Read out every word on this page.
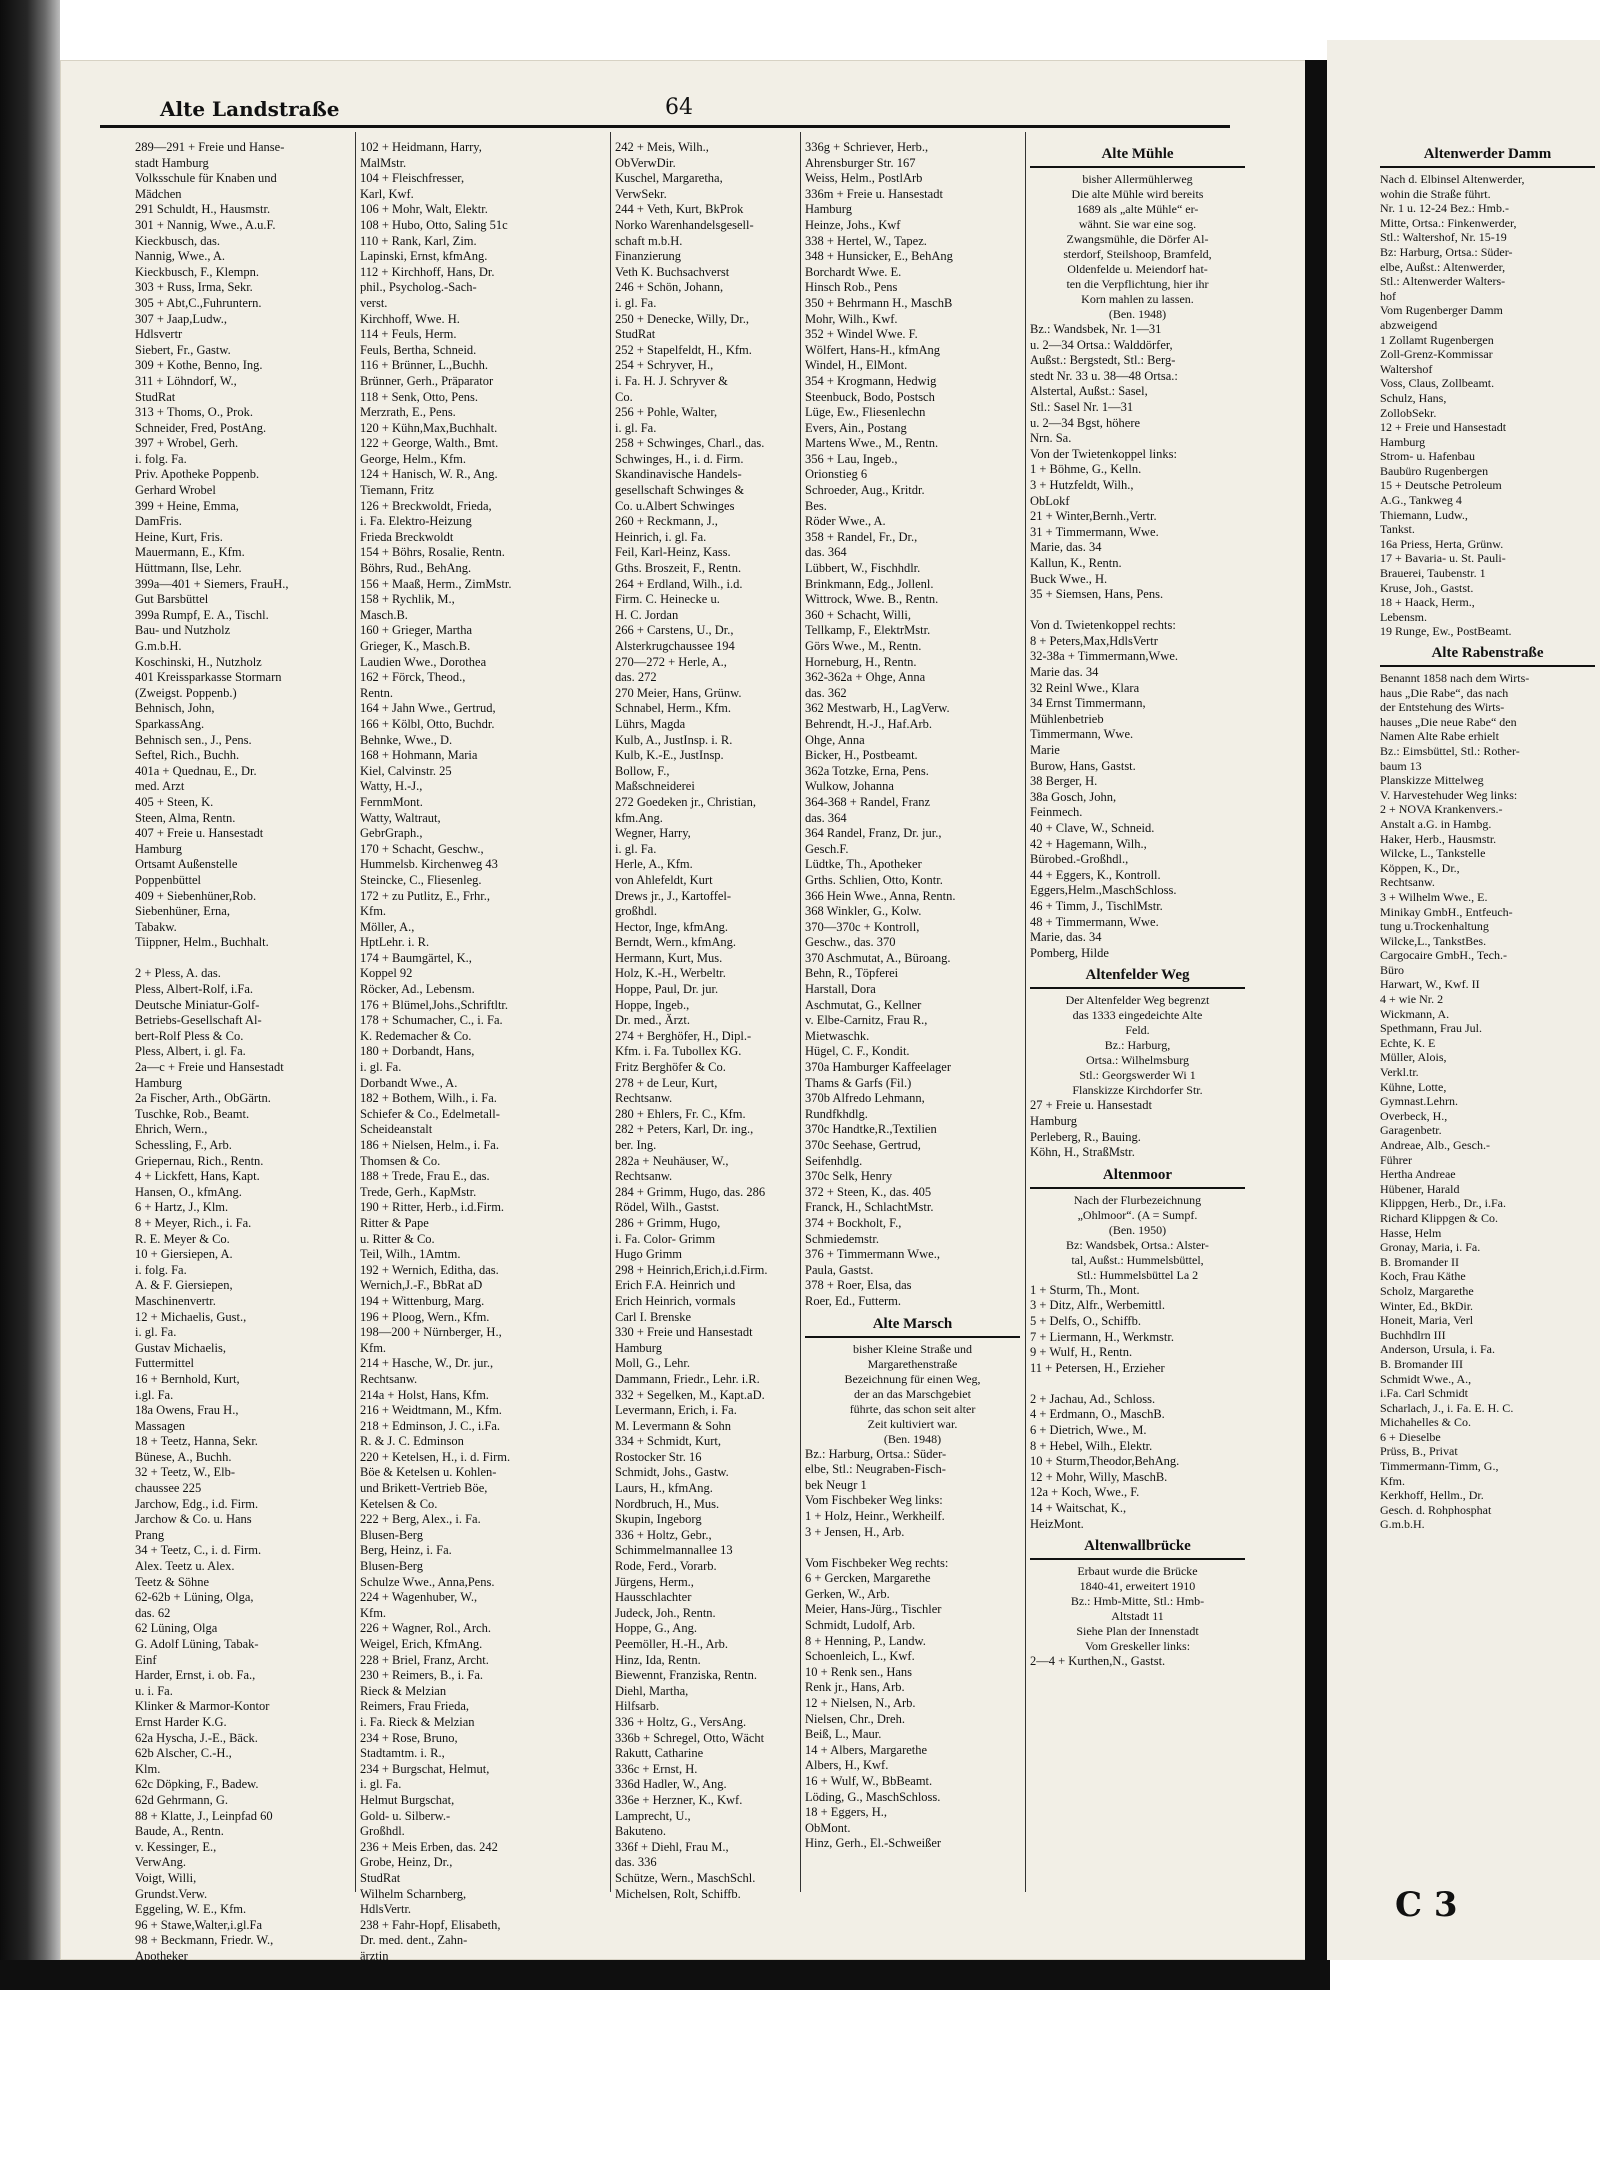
Alte Landstraße	64
289—291 + Freie und Hanse-
stadt Hamburg
Volksschule für Knaben und
Mädchen
291 Schuldt, H., Hausmstr.
301 + Nannig, Wwe., A.u.F.
Kieckbusch, das.
Nannig, Wwe., A.
Kieckbusch, F., Klempn.
303 + Russ, Irma, Sekr.
305 + Abt,C.,Fuhruntern.
307 + Jaap,Ludw.,
Hdlsvertr
Siebert, Fr., Gastw.
309 + Kothe, Benno, Ing.
311 + Löhndorf, W.,
StudRat
313 + Thoms, O., Prok.
Schneider, Fred, PostAng.
397 + Wrobel, Gerh.
i. folg. Fa.
Priv. Apotheke Poppenb.
Gerhard Wrobel
399 + Heine, Emma,
DamFris.
Heine, Kurt, Fris.
Mauermann, E., Kfm.
Hüttmann, Ilse, Lehr.
399a—401 + Siemers, FrauH.,
Gut Barsbüttel
399a Rumpf, E. A., Tischl.
Bau- und Nutzholz
G.m.b.H.
Koschinski, H., Nutzholz
401 Kreissparkasse Stormarn
(Zweigst. Poppenb.)
Behnisch, John,
SparkassAng.
Behnisch sen., J., Pens.
Seftel, Rich., Buchh.
401a + Quednau, E., Dr.
med. Arzt
405 + Steen, K.
Steen, Alma, Rentn.
407 + Freie u. Hansestadt
Hamburg
Ortsamt Außenstelle
Poppenbüttel
409 + Siebenhüner,Rob.
Siebenhüner, Erna,
Tabakw.
Tiippner, Helm., Buchhalt.

2 + Pless, A. das.
Pless, Albert-Rolf, i.Fa.
Deutsche Miniatur-Golf-
Betriebs-Gesellschaft Al-
bert-Rolf Pless & Co.
Pless, Albert, i. gl. Fa.
2a—c + Freie und Hansestadt
Hamburg
2a Fischer, Arth., ObGärtn.
Tuschke, Rob., Beamt.
Ehrich, Wern.,
Schessling, F., Arb.
Griepernau, Rich., Rentn.
4 + Lickfett, Hans, Kapt.
Hansen, O., kfmAng.
6 + Hartz, J., Klm.
8 + Meyer, Rich., i. Fa.
R. E. Meyer & Co.
10 + Giersiepen, A.
i. folg. Fa.
A. & F. Giersiepen,
Maschinenvertr.
12 + Michaelis, Gust.,
i. gl. Fa.
Gustav Michaelis,
Futtermittel
16 + Bernhold, Kurt,
i.gl. Fa.
18a Owens, Frau H.,
Massagen
18 + Teetz, Hanna, Sekr.
Bünese, A., Buchh.
32 + Teetz, W., Elb-
chaussee 225
Jarchow, Edg., i.d. Firm.
Jarchow & Co. u. Hans
Prang
34 + Teetz, C., i. d. Firm.
Alex. Teetz u. Alex.
Teetz & Söhne
62-62b + Lüning, Olga,
das. 62
62 Lüning, Olga
G. Adolf Lüning, Tabak-
Einf
Harder, Ernst, i. ob. Fa.,
u. i. Fa.
Klinker & Marmor-Kontor
Ernst Harder K.G.
62a Hyscha, J.-E., Bäck.
62b Alscher, C.-H.,
Klm.
62c Döpking, F., Badew.
62d Gehrmann, G.
88 + Klatte, J., Leinpfad 60
Baude, A., Rentn.
v. Kessinger, E.,
VerwAng.
Voigt, Willi,
Grundst.Verw.
Eggeling, W. E., Kfm.
96 + Stawe,Walter,i.gl.Fa
98 + Beckmann, Friedr. W.,
Apotheker
102 + Heidmann, Harry,
MalMstr.
104 + Fleischfresser,
Karl, Kwf.
106 + Mohr, Walt, Elektr.
108 + Hubo, Otto, Saling 51c
110 + Rank, Karl, Zim.
Lapinski, Ernst, kfmAng.
112 + Kirchhoff, Hans, Dr.
phil., Psycholog.-Sach-
verst.
Kirchhoff, Wwe. H.
114 + Feuls, Herm.
Feuls, Bertha, Schneid.
116 + Brünner, L.,Buchh.
Brünner, Gerh., Präparator
118 + Senk, Otto, Pens.
Merzrath, E., Pens.
120 + Kühn,Max,Buchhalt.
122 + George, Walth., Bmt.
George, Helm., Kfm.
124 + Hanisch, W. R., Ang.
Tiemann, Fritz
126 + Breckwoldt, Frieda,
i. Fa. Elektro-Heizung
Frieda Breckwoldt
154 + Böhrs, Rosalie, Rentn.
Böhrs, Rud., BehAng.
156 + Maaß, Herm., ZimMstr.
158 + Rychlik, M.,
Masch.B.
160 + Grieger, Martha
Grieger, K., Masch.B.
Laudien Wwe., Dorothea
162 + Förck, Theod.,
Rentn.
164 + Jahn Wwe., Gertrud,
166 + Kölbl, Otto, Buchdr.
Behnke, Wwe., D.
168 + Hohmann, Maria
Kiel, Calvinstr. 25
Watty, H.-J.,
FernmMont.
Watty, Waltraut,
GebrGraph.,
170 + Schacht, Geschw.,
Hummelsb. Kirchenweg 43
Steincke, C., Fliesenleg.
172 + zu Putlitz, E., Frhr.,
Kfm.
Möller, A.,
HptLehr. i. R.
174 + Baumgärtel, K.,
Koppel 92
Röcker, Ad., Lebensm.
176 + Blümel,Johs.,Schriftltr.
178 + Schumacher, C., i. Fa.
K. Redemacher & Co.
180 + Dorbandt, Hans,
i. gl. Fa.
Dorbandt Wwe., A.
182 + Bothem, Wilh., i. Fa.
Schiefer & Co., Edelmetall-
Scheideanstalt
186 + Nielsen, Helm., i. Fa.
Thomsen & Co.
188 + Trede, Frau E., das.
Trede, Gerh., KapMstr.
190 + Ritter, Herb., i.d.Firm.
Ritter & Pape
u. Ritter & Co.
Teil, Wilh., 1Amtm.
192 + Wernich, Editha, das.
Wernich,J.-F., BbRat aD
194 + Wittenburg, Marg.
196 + Ploog, Wern., Kfm.
198—200 + Nürnberger, H.,
Kfm.
214 + Hasche, W., Dr. jur.,
Rechtsanw.
214a + Holst, Hans, Kfm.
216 + Weidtmann, M., Kfm.
218 + Edminson, J. C., i.Fa.
R. & J. C. Edminson
220 + Ketelsen, H., i. d. Firm.
Böe & Ketelsen u. Kohlen-
und Brikett-Vertrieb Böe,
Ketelsen & Co.
222 + Berg, Alex., i. Fa.
Blusen-Berg
Berg, Heinz, i. Fa.
Blusen-Berg
Schulze Wwe., Anna,Pens.
224 + Wagenhuber, W.,
Kfm.
226 + Wagner, Rol., Arch.
Weigel, Erich, KfmAng.
228 + Briel, Franz, Archt.
230 + Reimers, B., i. Fa.
Rieck & Melzian
Reimers, Frau Frieda,
i. Fa. Rieck & Melzian
234 + Rose, Bruno,
Stadtamtm. i. R.,
234 + Burgschat, Helmut,
i. gl. Fa.
Helmut Burgschat,
Gold- u. Silberw.-
Großhdl.
236 + Meis Erben, das. 242
Grobe, Heinz, Dr.,
StudRat
Wilhelm Scharnberg,
HdlsVertr.
238 + Fahr-Hopf, Elisabeth,
Dr. med. dent., Zahn-
ärztin
242 + Meis, Wilh.,
ObVerwDir.
Kuschel, Margaretha,
VerwSekr.
244 + Veth, Kurt, BkProk
Norko Warenhandelsgesell-
schaft m.b.H.
Finanzierung
Veth K. Buchsachverst
246 + Schön, Johann,
i. gl. Fa.
250 + Denecke, Willy, Dr.,
StudRat
252 + Stapelfeldt, H., Kfm.
254 + Schryver, H.,
i. Fa. H. J. Schryver &
Co.
256 + Pohle, Walter,
i. gl. Fa.
258 + Schwinges, Charl., das.
Schwinges, H., i. d. Firm.
Skandinavische Handels-
gesellschaft Schwinges &
Co. u.Albert Schwinges
260 + Reckmann, J.,
Heinrich, i. gl. Fa.
Feil, Karl-Heinz, Kass.
Gths. Broszeit, F., Rentn.
264 + Erdland, Wilh., i.d.
Firm. C. Heinecke u.
H. C. Jordan
266 + Carstens, U., Dr.,
Alsterkrugchaussee 194
270—272 + Herle, A.,
das. 272
270 Meier, Hans, Grünw.
Schnabel, Herm., Kfm.
Lührs, Magda
Kulb, A., JustInsp. i. R.
Kulb, K.-E., JustInsp.
Bollow, F.,
Maßschneiderei
272 Goedeken jr., Christian,
kfm.Ang.
Wegner, Harry,
i. gl. Fa.
Herle, A., Kfm.
von Ahlefeldt, Kurt
Drews jr., J., Kartoffel-
großhdl.
Hector, Inge, kfmAng.
Berndt, Wern., kfmAng.
Hermann, Kurt, Mus.
Holz, K.-H., Werbeltr.
Hoppe, Paul, Dr. jur.
Hoppe, Ingeb.,
Dr. med., Ärzt.
274 + Berghöfer, H., Dipl.-
Kfm. i. Fa. Tubollex KG.
Fritz Berghöfer & Co.
278 + de Leur, Kurt,
Rechtsanw.
280 + Ehlers, Fr. C., Kfm.
282 + Peters, Karl, Dr. ing.,
ber. Ing.
282a + Neuhäuser, W.,
Rechtsanw.
284 + Grimm, Hugo, das. 286
Rödel, Wilh., Gastst.
286 + Grimm, Hugo,
i. Fa. Color- Grimm
Hugo Grimm
298 + Heinrich,Erich,i.d.Firm.
Erich F.A. Heinrich und
Erich Heinrich, vormals
Carl I. Brenske
330 + Freie und Hansestadt
Hamburg
Moll, G., Lehr.
Dammann, Friedr., Lehr. i.R.
332 + Segelken, M., Kapt.aD.
Levermann, Erich, i. Fa.
M. Levermann & Sohn
334 + Schmidt, Kurt,
Rostocker Str. 16
Schmidt, Johs., Gastw.
Laurs, H., kfmAng.
Nordbruch, H., Mus.
Skupin, Ingeborg
336 + Holtz, Gebr.,
Schimmelmannallee 13
Rode, Ferd., Vorarb.
Jürgens, Herm.,
Hausschlachter
Judeck, Joh., Rentn.
Hoppe, G., Ang.
Peemöller, H.-H., Arb.
Hinz, Ida, Rentn.
Biewennt, Franziska, Rentn.
Diehl, Martha,
Hilfsarb.
336 + Holtz, G., VersAng.
336b + Schregel, Otto, Wächt
Rakutt, Catharine
336c + Ernst, H.
336d Hadler, W., Ang.
336e + Herzner, K., Kwf.
Lamprecht, U.,
Bakuteno.
336f + Diehl, Frau M.,
das. 336
Schütze, Wern., MaschSchl.
Michelsen, Rolt, Schiffb.
336g + Schriever, Herb.,
Ahrensburger Str. 167
Weiss, Helm., PostlArb
336m + Freie u. Hansestadt
Hamburg
Heinze, Johs., Kwf
338 + Hertel, W., Tapez.
348 + Hunsicker, E., BehAng
Borchardt Wwe. E.
Hinsch Rob., Pens
350 + Behrmann H., MaschB
Mohr, Wilh., Kwf.
352 + Windel Wwe. F.
Wölfert, Hans-H., kfmAng
Windel, H., ElMont.
354 + Krogmann, Hedwig
Steenbuck, Bodo, Postsch
Lüge, Ew., Fliesenlechn
Evers, Ain., Postang
Martens Wwe., M., Rentn.
356 + Lau, Ingeb.,
Orionstieg 6
Schroeder, Aug., Kritdr.
Bes.
Röder Wwe., A.
358 + Randel, Fr., Dr.,
das. 364
Lübbert, W., Fischhdlr.
Brinkmann, Edg., Jollenl.
Wittrock, Wwe. B., Rentn.
360 + Schacht, Willi,
Tellkamp, F., ElektrMstr.
Görs Wwe., M., Rentn.
Horneburg, H., Rentn.
362-362a + Ohge, Anna
das. 362
362 Mestwarb, H., LagVerw.
Behrendt, H.-J., Haf.Arb.
Ohge, Anna
Bicker, H., Postbeamt.
362a Totzke, Erna, Pens.
Wulkow, Johanna
364-368 + Randel, Franz
das. 364
364 Randel, Franz, Dr. jur.,
Gesch.F.
Lüdtke, Th., Apotheker
Grths. Schlien, Otto, Kontr.
366 Hein Wwe., Anna, Rentn.
368 Winkler, G., Kolw.
370—370c + Kontroll,
Geschw., das. 370
370 Aschmutat, A., Büroang.
Behn, R., Töpferei
Harstall, Dora
Aschmutat, G., Kellner
v. Elbe-Carnitz, Frau R.,
Mietwaschk.
Hügel, C. F., Kondit.
370a Hamburger Kaffeelager
Thams & Garfs (Fil.)
370b Alfredo Lehmann,
Rundfkhdlg.
370c Handtke,R.,Textilien
370c Seehase, Gertrud,
Seifenhdlg.
370c Selk, Henry
372 + Steen, K., das. 405
Franck, H., SchlachtMstr.
374 + Bockholt, F.,
Schmiedemstr.
376 + Timmermann Wwe.,
Paula, Gastst.
378 + Roer, Elsa, das
Roer, Ed., Futterm.
Alte Marsch
bisher Kleine Straße und
Margarethenstraße
Bezeichnung für einen Weg,
der an das Marschgebiet
führte, das schon seit alter
Zeit kultiviert war.
(Ben. 1948)
Bz.: Harburg, Ortsa.: Süder-
elbe, Stl.: Neugraben-Fisch-
bek Neugr 1
Vom Fischbeker Weg links:
1 + Holz, Heinr., Werkheilf.
3 + Jensen, H., Arb.

Vom Fischbeker Weg rechts:
6 + Gercken, Margarethe
Gerken, W., Arb.
Meier, Hans-Jürg., Tischler
Schmidt, Ludolf, Arb.
8 + Henning, P., Landw.
Schoenleich, L., Kwf.
10 + Renk sen., Hans
Renk jr., Hans, Arb.
12 + Nielsen, N., Arb.
Nielsen, Chr., Dreh.
Beiß, L., Maur.
14 + Albers, Margarethe
Albers, H., Kwf.
16 + Wulf, W., BbBeamt.
Löding, G., MaschSchloss.
18 + Eggers, H.,
ObMont.
Hinz, Gerh., El.-Schweißer
Alte Mühle
bisher Allermühlerweg
Die alte Mühle wird bereits
1689 als „alte Mühle“ er-
wähnt. Sie war eine sog.
Zwangsmühle, die Dörfer Al-
sterdorf, Steilshoop, Bramfeld,
Oldenfelde u. Meiendorf hat-
ten die Verpflichtung, hier ihr
Korn mahlen zu lassen.
(Ben. 1948)
Bz.: Wandsbek, Nr. 1—31
u. 2—34 Ortsa.: Walddörfer,
Außst.: Bergstedt, Stl.: Berg-
stedt Nr. 33 u. 38—48 Ortsa.:
Alstertal, Außst.: Sasel,
Stl.: Sasel Nr. 1—31
u. 2—34 Bgst, höhere
Nrn. Sa.
Von der Twietenkoppel links:
1 + Böhme, G., Kelln.
3 + Hutzfeldt, Wilh.,
ObLokf
21 + Winter,Bernh.,Vertr.
31 + Timmermann, Wwe.
Marie, das. 34
Kallun, K., Rentn.
Buck Wwe., H.
35 + Siemsen, Hans, Pens.

Von d. Twietenkoppel rechts:
8 + Peters,Max,HdlsVertr
32-38a + Timmermann,Wwe.
Marie das. 34
32 Reinl Wwe., Klara
34 Ernst Timmermann,
Mühlenbetrieb
Timmermann, Wwe.
Marie
Burow, Hans, Gastst.
38 Berger, H.
38a Gosch, John,
Feinmech.
40 + Clave, W., Schneid.
42 + Hagemann, Wilh.,
Bürobed.-Großhdl.,
44 + Eggers, K., Kontroll.
Eggers,Helm.,MaschSchloss.
46 + Timm, J., TischlMstr.
48 + Timmermann, Wwe.
Marie, das. 34
Pomberg, Hilde
Altenfelder Weg
Der Altenfelder Weg begrenzt
das 1333 eingedeichte Alte
Feld.
Bz.: Harburg,
Ortsa.: Wilhelmsburg
Stl.: Georgswerder Wi 1
Flanskizze Kirchdorfer Str.
27 + Freie u. Hansestadt
Hamburg
Perleberg, R., Bauing.
Köhn, H., StraßMstr.
Altenmoor
Nach der Flurbezeichnung
„Ohlmoor“. (A = Sumpf.
(Ben. 1950)
Bz: Wandsbek, Ortsa.: Alster-
tal, Außst.: Hummelsbüttel,
Stl.: Hummelsbüttel La 2
1 + Sturm, Th., Mont.
3 + Ditz, Alfr., Werbemittl.
5 + Delfs, O., Schiffb.
7 + Liermann, H., Werkmstr.
9 + Wulf, H., Rentn.
11 + Petersen, H., Erzieher

2 + Jachau, Ad., Schloss.
4 + Erdmann, O., MaschB.
6 + Dietrich, Wwe., M.
8 + Hebel, Wilh., Elektr.
10 + Sturm,Theodor,BehAng.
12 + Mohr, Willy, MaschB.
12a + Koch, Wwe., F.
14 + Waitschat, K.,
HeizMont.
Altenwallbrücke
Erbaut wurde die Brücke
1840-41, erweitert 1910
Bz.: Hmb-Mitte, Stl.: Hmb-
Altstadt 11
Siehe Plan der Innenstadt
Vom Greskeller links:
2—4 + Kurthen,N., Gastst.
Altenwerder Damm
Nach d. Elbinsel Altenwerder,
wohin die Straße führt.
Nr. 1 u. 12-24 Bez.: Hmb.-
Mitte, Ortsa.: Finkenwerder,
Stl.: Waltershof, Nr. 15-19
Bz: Harburg, Ortsa.: Süder-
elbe, Außst.: Altenwerder,
Stl.: Altenwerder Walters-
hof
Vom Rugenberger Damm
abzweigend
1 Zollamt Rugenbergen
Zoll-Grenz-Kommissar
Waltershof
Voss, Claus, Zollbeamt.
Schulz, Hans,
ZollobSekr.
12 + Freie und Hansestadt
Hamburg
Strom- u. Hafenbau
Baubüro Rugenbergen
15 + Deutsche Petroleum
A.G., Tankweg 4
Thiemann, Ludw.,
Tankst.
16a Priess, Herta, Grünw.
17 + Bavaria- u. St. Pauli-
Brauerei, Taubenstr. 1
Kruse, Joh., Gastst.
18 + Haack, Herm.,
Lebensm.
19 Runge, Ew., PostBeamt.
Alte Rabenstraße
Benannt 1858 nach dem Wirts-
haus „Die Rabe“, das nach
der Entstehung des Wirts-
hauses „Die neue Rabe“ den
Namen Alte Rabe erhielt
Bz.: Eimsbüttel, Stl.: Rother-
baum 13
Planskizze Mittelweg
V. Harvestehuder Weg links:
2 + NOVA Krankenvers.-
Anstalt a.G. in Hambg.
Haker, Herb., Hausmstr.
Wilcke, L., Tankstelle
Köppen, K., Dr.,
Rechtsanw.
3 + Wilhelm Wwe., E.
Minikay GmbH., Entfeuch-
tung u.Trockenhaltung
Wilcke,L., TankstBes.
Cargocaire GmbH., Tech.-
Büro
Harwart, W., Kwf. II
4 + wie Nr. 2
Wickmann, A.
Spethmann, Frau Jul.
Echte, K. E
Müller, Alois,
Verkl.tr.
Kühne, Lotte,
Gymnast.Lehrn.
Overbeck, H.,
Garagenbetr.
Andreae, Alb., Gesch.-
Führer
Hertha Andreae
Hübener, Harald
Klippgen, Herb., Dr., i.Fa.
Richard Klippgen & Co.
Hasse, Helm
Gronay, Maria, i. Fa.
B. Bromander II
Koch, Frau Käthe
Scholz, Margarethe
Winter, Ed., BkDir.
Honeit, Maria, Verl
Buchhdlrn III
Anderson, Ursula, i. Fa.
B. Bromander III
Schmidt Wwe., A.,
i.Fa. Carl Schmidt
Scharlach, J., i. Fa. E. H. C.
Michahelles & Co.
6 + Dieselbe
Prüss, B., Privat
Timmermann-Timm, G.,
Kfm.
Kerkhoff, Hellm., Dr.
Gesch. d. Rohphosphat
G.m.b.H.
C 3
